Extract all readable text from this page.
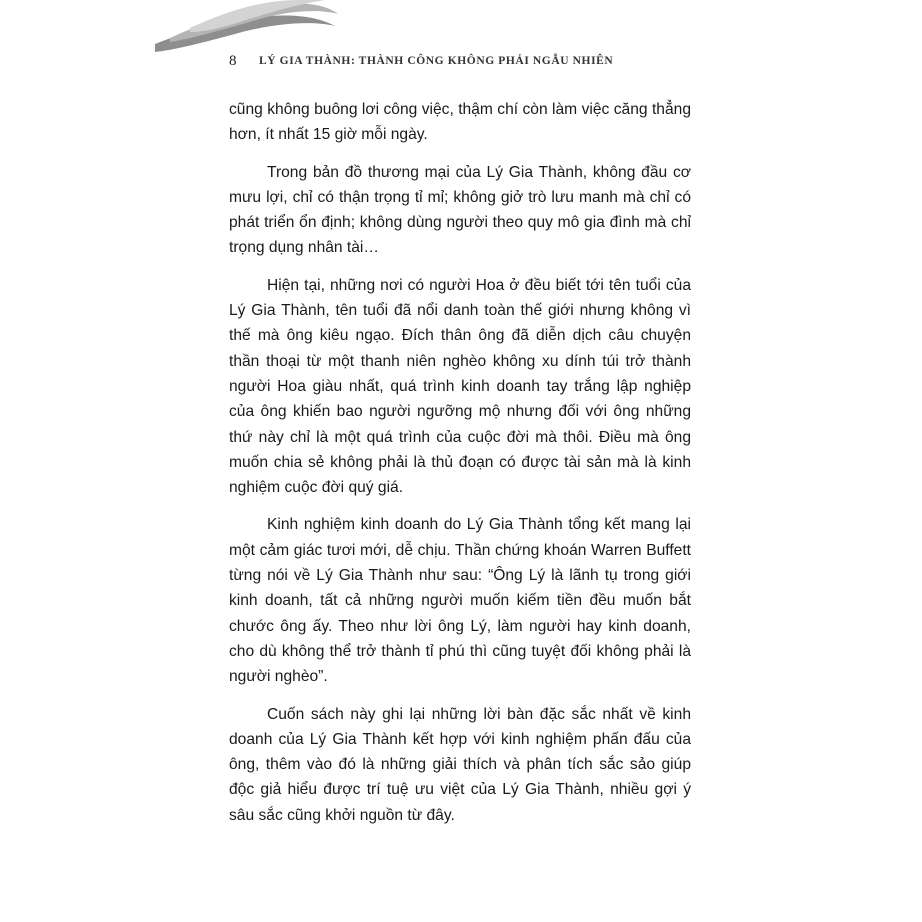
8	LÝ GIA THÀNH: THÀNH CÔNG KHÔNG PHẢI NGẪU NHIÊN

cũng không buông lơi công việc, thậm chí còn làm việc căng thẳng hơn, ít nhất 15 giờ mỗi ngày.

Trong bản đồ thương mại của Lý Gia Thành, không đầu cơ mưu lợi, chỉ có thận trọng tỉ mỉ; không giở trò lưu manh mà chỉ có phát triển ổn định; không dùng người theo quy mô gia đình mà chỉ trọng dụng nhân tài…

Hiện tại, những nơi có người Hoa ở đều biết tới tên tuổi của Lý Gia Thành, tên tuổi đã nổi danh toàn thế giới nhưng không vì thế mà ông kiêu ngạo. Đích thân ông đã diễn dịch câu chuyện thần thoại từ một thanh niên nghèo không xu dính túi trở thành người Hoa giàu nhất, quá trình kinh doanh tay trắng lập nghiệp của ông khiến bao người ngưỡng mộ nhưng đối với ông những thứ này chỉ là một quá trình của cuộc đời mà thôi. Điều mà ông muốn chia sẻ không phải là thủ đoạn có được tài sản mà là kinh nghiệm cuộc đời quý giá.

Kinh nghiệm kinh doanh do Lý Gia Thành tổng kết mang lại một cảm giác tươi mới, dễ chịu. Thần chứng khoán Warren Buffett từng nói về Lý Gia Thành như sau: “Ông Lý là lãnh tụ trong giới kinh doanh, tất cả những người muốn kiếm tiền đều muốn bắt chước ông ấy. Theo như lời ông Lý, làm người hay kinh doanh, cho dù không thể trở thành tỉ phú thì cũng tuyệt đối không phải là người nghèo”.

Cuốn sách này ghi lại những lời bàn đặc sắc nhất về kinh doanh của Lý Gia Thành kết hợp với kinh nghiệm phấn đấu của ông, thêm vào đó là những giải thích và phân tích sắc sảo giúp độc giả hiểu được trí tuệ ưu việt của Lý Gia Thành, nhiều gợi ý sâu sắc cũng khởi nguồn từ đây.
